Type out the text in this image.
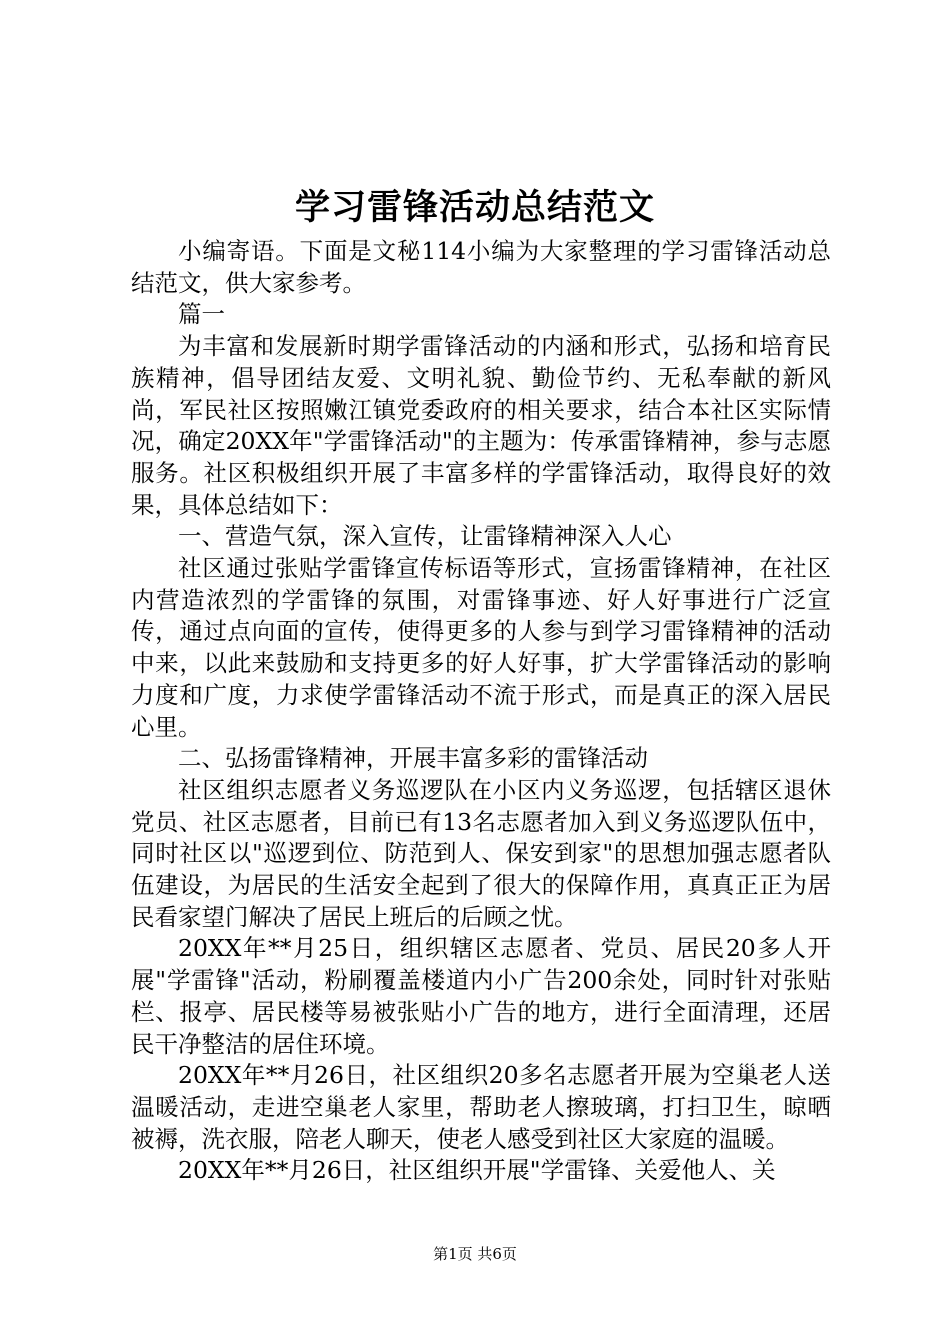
学习雷锋活动总结范文

小编寄语。下面是文秘114小编为大家整理的学习雷锋活动总结范文，供大家参考。

篇一

为丰富和发展新时期学雷锋活动的内涵和形式，弘扬和培育民族精神，倡导团结友爱、文明礼貌、勤俭节约、无私奉献的新风尚，军民社区按照嫩江镇党委政府的相关要求，结合本社区实际情况，确定20XX年"学雷锋活动"的主题为：传承雷锋精神，参与志愿服务。社区积极组织开展了丰富多样的学雷锋活动，取得良好的效果，具体总结如下：

一、营造气氛，深入宣传，让雷锋精神深入人心

社区通过张贴学雷锋宣传标语等形式，宣扬雷锋精神，在社区内营造浓烈的学雷锋的氛围，对雷锋事迹、好人好事进行广泛宣传，通过点向面的宣传，使得更多的人参与到学习雷锋精神的活动中来，以此来鼓励和支持更多的好人好事，扩大学雷锋活动的影响力度和广度，力求使学雷锋活动不流于形式，而是真正的深入居民心里。

二、弘扬雷锋精神，开展丰富多彩的雷锋活动

社区组织志愿者义务巡逻队在小区内义务巡逻，包括辖区退休党员、社区志愿者，目前已有13名志愿者加入到义务巡逻队伍中，同时社区以"巡逻到位、防范到人、保安到家"的思想加强志愿者队伍建设，为居民的生活安全起到了很大的保障作用，真真正正为居民看家望门解决了居民上班后的后顾之忧。

20XX年**月25日，组织辖区志愿者、党员、居民20多人开展"学雷锋"活动，粉刷覆盖楼道内小广告200余处，同时针对张贴栏、报亭、居民楼等易被张贴小广告的地方，进行全面清理，还居民干净整洁的居住环境。

20XX年**月26日，社区组织20多名志愿者开展为空巢老人送温暖活动，走进空巢老人家里，帮助老人擦玻璃，打扫卫生，晾晒被褥，洗衣服，陪老人聊天，使老人感受到社区大家庭的温暖。

20XX年**月26日，社区组织开展"学雷锋、关爱他人、关

第1页 共6页
